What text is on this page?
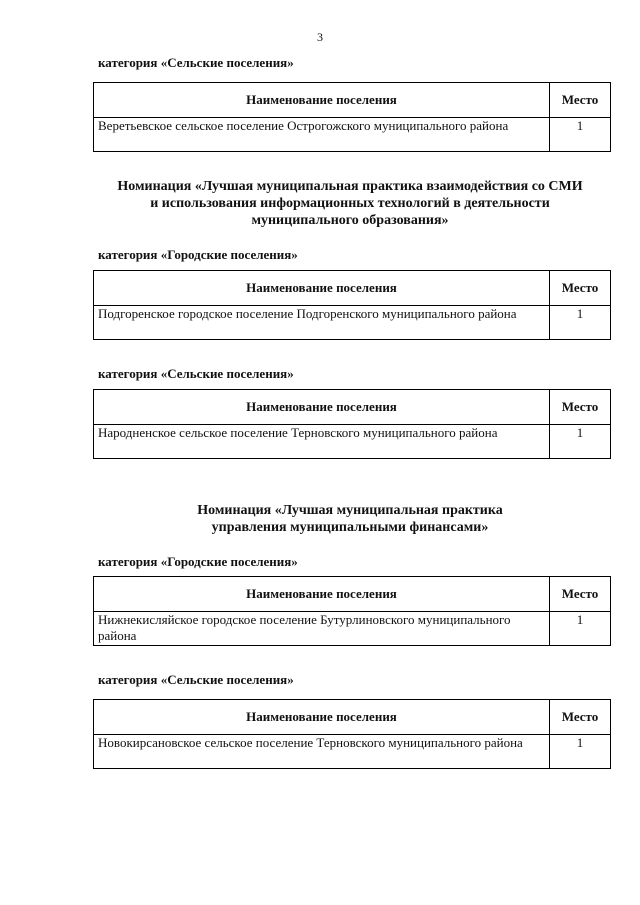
3
категория «Сельские поселения»
Наименование поселения	Место
Веретьевское сельское поселение Острогожского муниципального района	1
Номинация «Лучшая муниципальная практика взаимодействия со СМИ
и использования информационных технологий в деятельности
муниципального образования»
категория «Городские поселения»
Наименование поселения	Место
Подгоренское городское поселение Подгоренского муниципального района	1
категория «Сельские поселения»
Наименование поселения	Место
Народненское сельское поселение Терновского муниципального района	1
Номинация «Лучшая муниципальная практика
управления муниципальными финансами»
категория «Городские поселения»
Наименование поселения	Место
Нижнекисляйское городское поселение Бутурлиновского муниципального района	1
категория «Сельские поселения»
Наименование поселения	Место
Новокирсановское сельское поселение Терновского муниципального района	1
